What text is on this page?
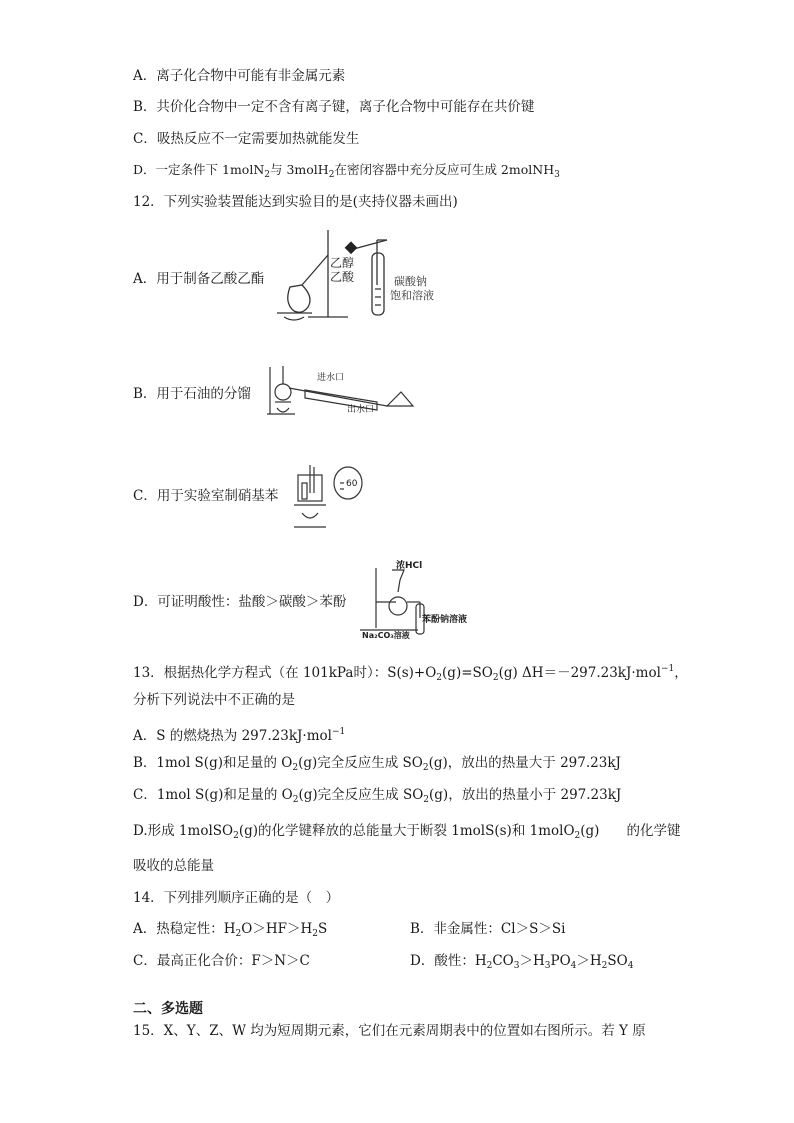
A．离子化合物中可能有非金属元素
B．共价化合物中一定不含有离子键，离子化合物中可能存在共价键
C．吸热反应不一定需要加热就能发生
D．一定条件下 1molN$_2$与 3molH$_2$在密闭容器中充分反应可生成 2molNH$_3$
12．下列实验装置能达到实验目的是(夹持仪器未画出)
A．用于制备乙酸乙酯
乙醇
乙酸	碳酸钠
饱和溶液
B．用于石油的分馏
进水口
出水口
C．用于实验室制硝基苯
60
D．可证明酸性：盐酸＞碳酸＞苯酚
浓HCl
苯酚钠溶液
Na₂CO₃溶液
13．根据热化学方程式（在 101kPa时）：$S(s)+O_2(g)=SO_2(g)$ ΔH＝－297.23kJ·mol$^{-1}$，
分析下列说法中不正确的是
A．S 的燃烧热为 297.23kJ·mol$^{-1}$
B．1mol S(g)和足量的 $O_2(g)$完全反应生成 $SO_2(g)$，放出的热量大于 297.23kJ
C．1mol S(g)和足量的 $O_2(g)$完全反应生成 $SO_2(g)$，放出的热量小于 297.23kJ
D.形成 1molSO$_2$(g)的化学键释放的总能量大于断裂 1molS(s)和 1molO$_2$(g)　　的化学键
吸收的总能量
14．下列排列顺序正确的是（　）
A．热稳定性：$H_2O>HF>H_2S$	B．非金属性：Cl＞S＞Si
C．最高正化合价：F＞N＞C	D．酸性：$H_2CO_3>H_3PO_4>H_2SO_4$
二、多选题
15．X、Y、Z、W 均为短周期元素，它们在元素周期表中的位置如右图所示。若 Y 原
